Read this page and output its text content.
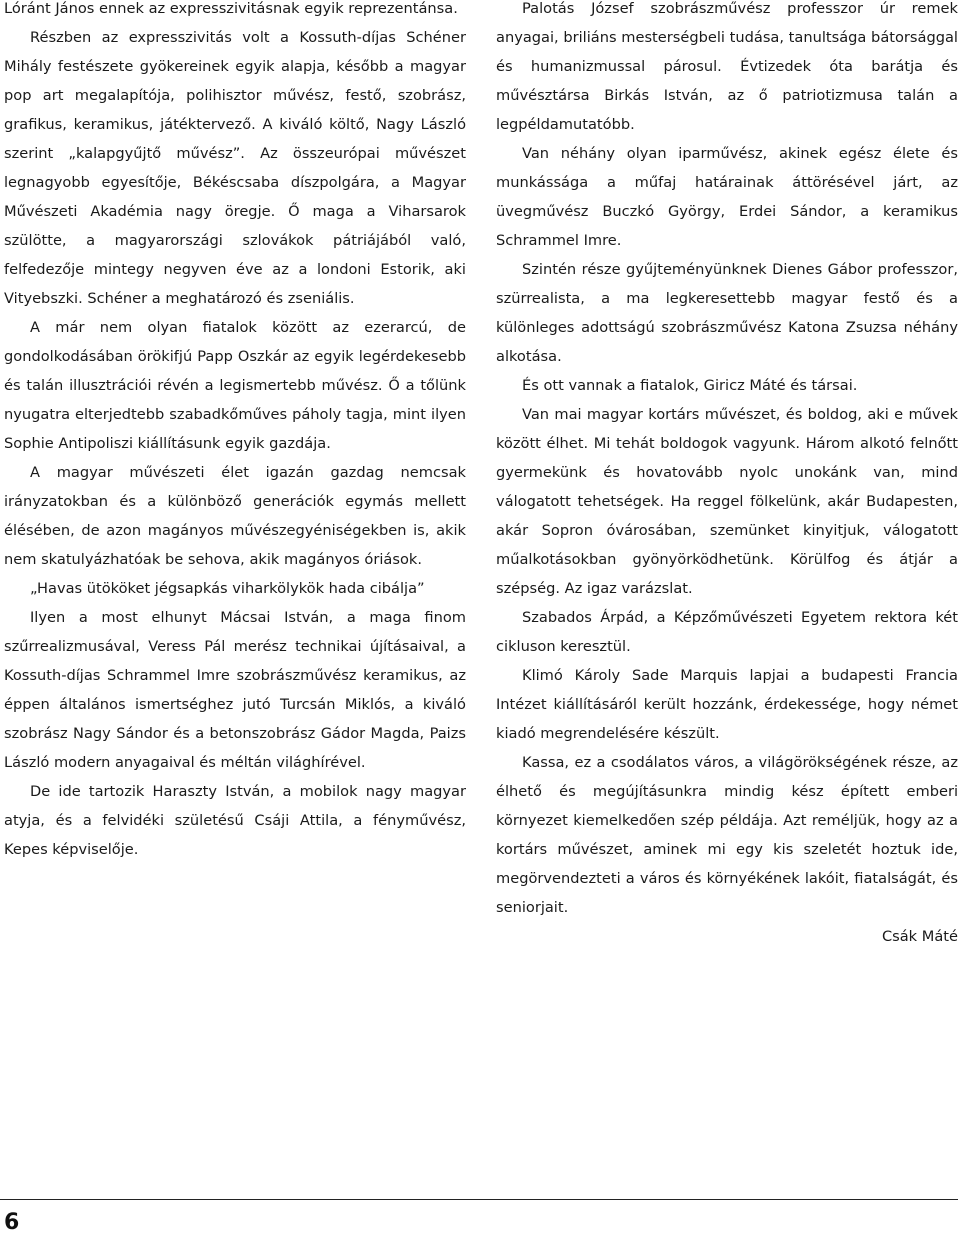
Lóránt János ennek az expresszivitásnak egyik reprezentánsa.

Részben az expresszivitás volt a Kossuth-díjas Schéner Mihály festészete gyökereinek egyik alapja, később a magyar pop art megalapítója, polihisztor művész, festő, szobrász, grafikus, keramikus, játéktervező. A kiváló költő, Nagy László szerint „kalapgyűjtő művész”. Az összeurópai művészet legnagyobb egyesítője, Békéscsaba díszpolgára, a Magyar Művészeti Akadémia nagy öregje. Ő maga a Viharsarok szülötte, a magyarországi szlovákok pátriájából való, felfedezője mintegy negyven éve az a londoni Estorik, aki Vityebszki. Schéner a meghatározó és zseniális.

A már nem olyan fiatalok között az ezerarcú, de gondolkodásában örökifjú Papp Oszkár az egyik legérdekesebb és talán illusztrációi révén a legismertebb művész. Ő a tőlünk nyugatra elterjedtebb szabadkőműves páholy tagja, mint ilyen Sophie Antipoliszi kiállításunk egyik gazdája.

A magyar művészeti élet igazán gazdag nemcsak irányzatokban és a különböző generációk egymás mellett élésében, de azon magányos művészegyéniségekben is, akik nem skatulyázhatóak be sehova, akik magányos óriások.

„Havas ütököket jégsapkás viharkölykök hada cibálja”

Ilyen a most elhunyt Mácsai István, a maga finom szűrrealizmusával, Veress Pál merész technikai újításaival, a Kossuth-díjas Schrammel Imre szobrászművész keramikus, az éppen általános ismertséghez jutó Turcsán Miklós, a kiváló szobrász Nagy Sándor és a betonszobrász Gádor Magda, Paizs László modern anyagaival és méltán világhírével.

De ide tartozik Haraszty István, a mobilok nagy magyar atyja, és a felvidéki születésű Csáji Attila, a fényművész, Kepes képviselője.

Palotás József szobrászművész professzor úr remek anyagai, briliáns mesterségbeli tudása, tanultsága bátorsággal és humanizmussal párosul. Évtizedek óta barátja és művésztársa Birkás István, az ő patriotizmusa talán a legpéldamutatóbb.

Van néhány olyan iparművész, akinek egész élete és munkássága a műfaj határainak áttörésével járt, az üvegművész Buczkó György, Erdei Sándor, a keramikus Schrammel Imre.

Szintén része gyűjteményünknek Dienes Gábor professzor, szürrealista, a ma legkeresettebb magyar festő és a különleges adottságú szobrászművész Katona Zsuzsa néhány alkotása.

És ott vannak a fiatalok, Giricz Máté és társai.

Van mai magyar kortárs művészet, és boldog, aki e művek között élhet. Mi tehát boldogok vagyunk. Három alkotó felnőtt gyermekünk és hovatovább nyolc unokánk van, mind válogatott tehetségek. Ha reggel fölkelünk, akár Budapesten, akár Sopron óvárosában, szemünket kinyitjuk, válogatott műalkotásokban gyönyörködhetünk. Körülfog és átjár a szépség. Az igaz varázslat.

Szabados Árpád, a Képzőművészeti Egyetem rektora két cikluson keresztül.

Klimó Károly Sade Marquis lapjai a budapesti Francia Intézet kiállításáról került hozzánk, érdekessége, hogy német kiadó megrendelésére készült.

Kassa, ez a csodálatos város, a világörökségének része, az élhető és megújításunkra mindig kész épített emberi környezet kiemelkedően szép példája. Azt reméljük, hogy az a kortárs művészet, aminek mi egy kis szeletét hoztuk ide, megörvendezteti a város és környékének lakóit, fiatalságát, és seniorjait.

Csák Máté

6
